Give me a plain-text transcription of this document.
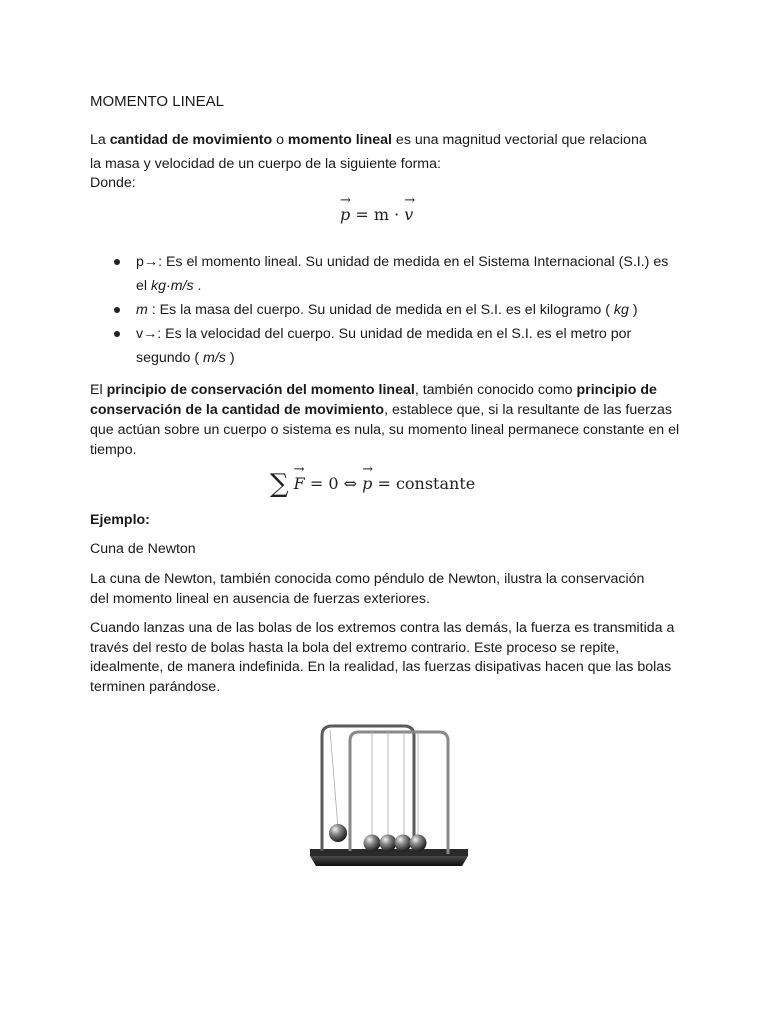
MOMENTO LINEAL

La cantidad de movimiento o momento lineal es una magnitud vectorial que relaciona la masa y velocidad de un cuerpo de la siguiente forma:

Donde:

→ p = m · → v
p→: Es el momento lineal. Su unidad de medida en el Sistema Internacional (S.I.) es el kg·m/s .
m : Es la masa del cuerpo. Su unidad de medida en el S.I. es el kilogramo ( kg )
v→: Es la velocidad del cuerpo. Su unidad de medida en el S.I. es el metro por segundo ( m/s )

El principio de conservación del momento lineal, también conocido como principio de conservación de la cantidad de movimiento, establece que, si la resultante de las fuerzas que actúan sobre un cuerpo o sistema es nula, su momento lineal permanece constante en el tiempo.

∑ → F = 0 ⇔ → p = constante

Ejemplo:

Cuna de Newton

La cuna de Newton, también conocida como péndulo de Newton, ilustra la conservación del momento lineal en ausencia de fuerzas exteriores.

Cuando lanzas una de las bolas de los extremos contra las demás, la fuerza es transmitida a través del resto de bolas hasta la bola del extremo contrario. Este proceso se repite, idealmente, de manera indefinida. En la realidad, las fuerzas disipativas hacen que las bolas terminen parándose.
